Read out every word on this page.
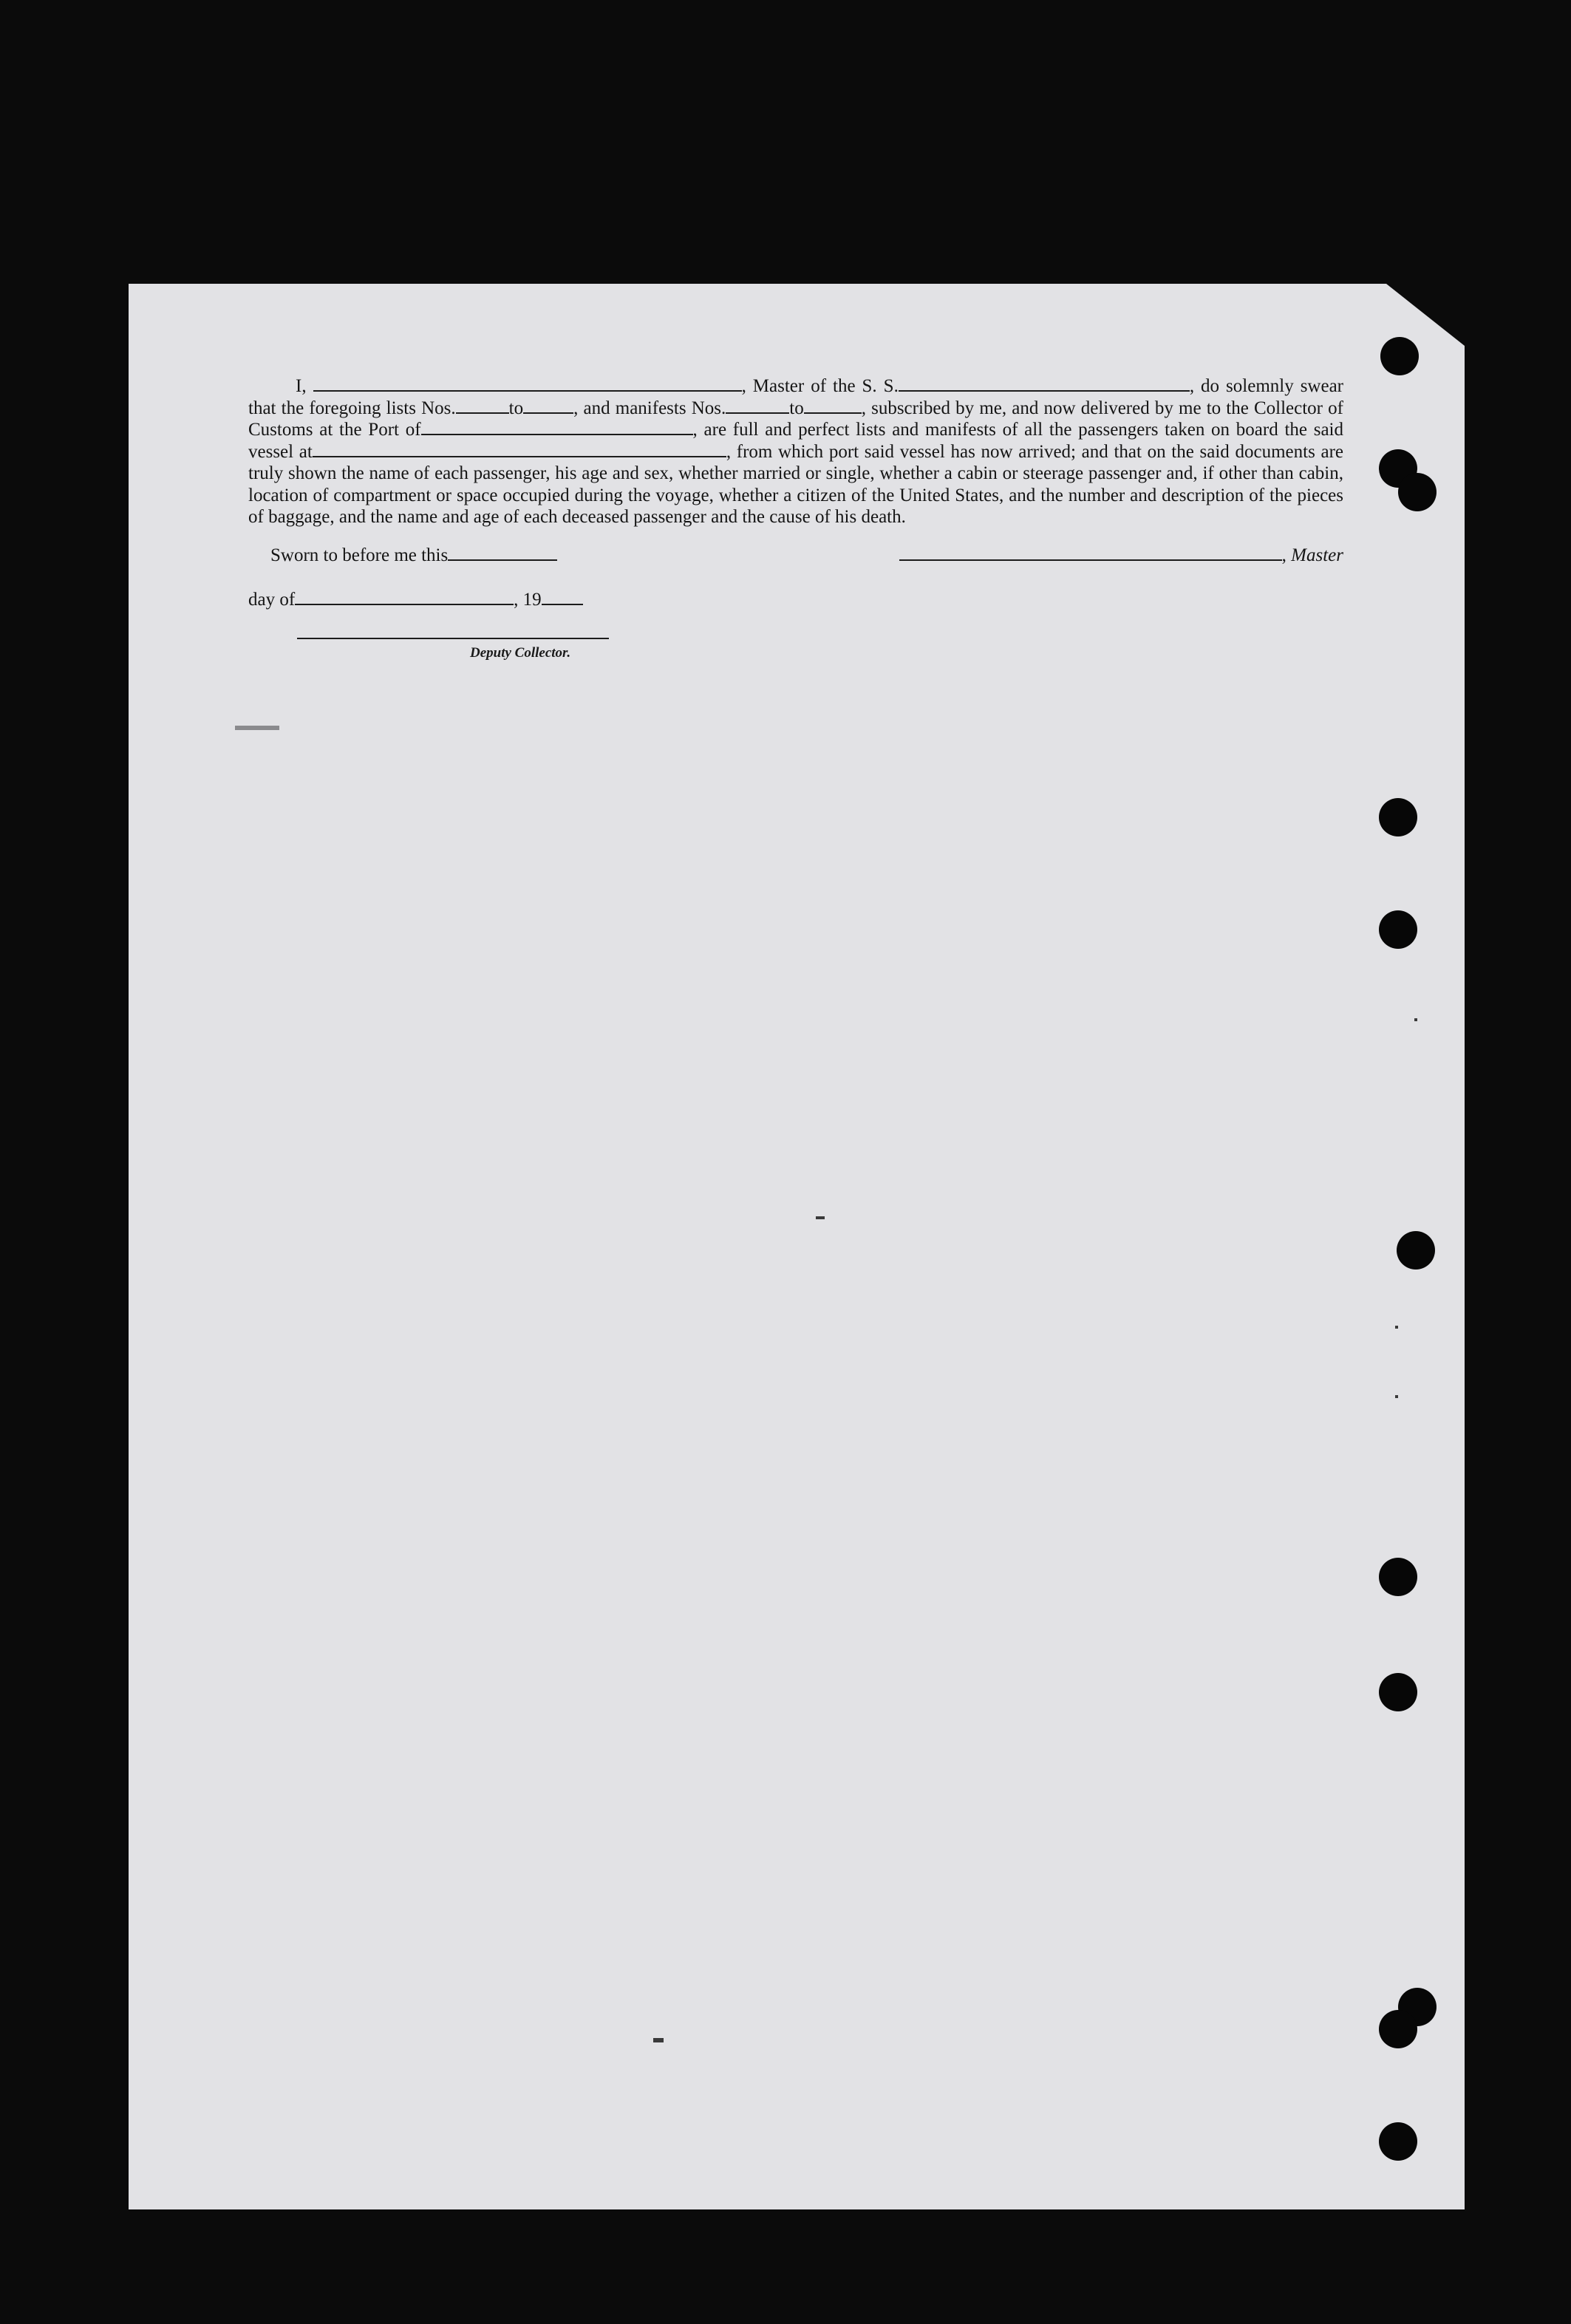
I,	, Master of the S. S.	, do solemnly swear that the foregoing lists Nos.	to	, and manifests Nos.	to	, subscribed by me, and now delivered by me to the Collector of Customs at the Port of	, are full and perfect lists and manifests of all the passengers taken on board the said vessel at	, from which port said vessel has now arrived; and that on the said documents are truly shown the name of each passenger, his age and sex, whether married or single, whether a cabin or steerage passenger and, if other than cabin, location of compartment or space occupied during the voyage, whether a citizen of the United States, and the number and description of the pieces of baggage, and the name and age of each deceased passenger and the cause of his death.

Sworn to before me this	, Master
day of	, 19
Deputy Collector.
